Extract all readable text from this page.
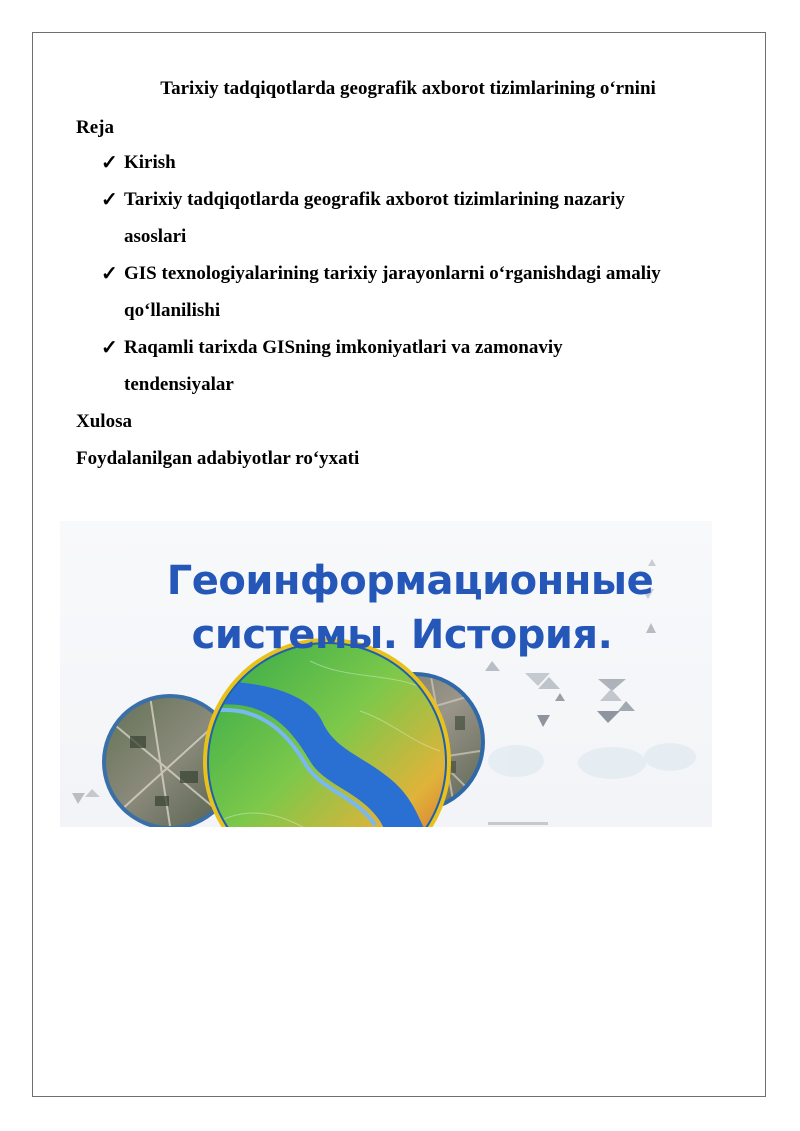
Tarixiy tadqiqotlarda geografik axborot tizimlarining o‘rnini
Reja
✓ Kirish
✓ Tarixiy tadqiqotlarda geografik axborot tizimlarining nazariy
asoslari
✓ GIS texnologiyalarining tarixiy jarayonlarni o‘rganishdagi amaliy
qo‘llanilishi
✓ Raqamli tarixda GISning imkoniyatlari va zamonaviy
tendensiyalar
Xulosa
Foydalanilgan adabiyotlar ro‘yxati
Геоинформационные
системы. История.
